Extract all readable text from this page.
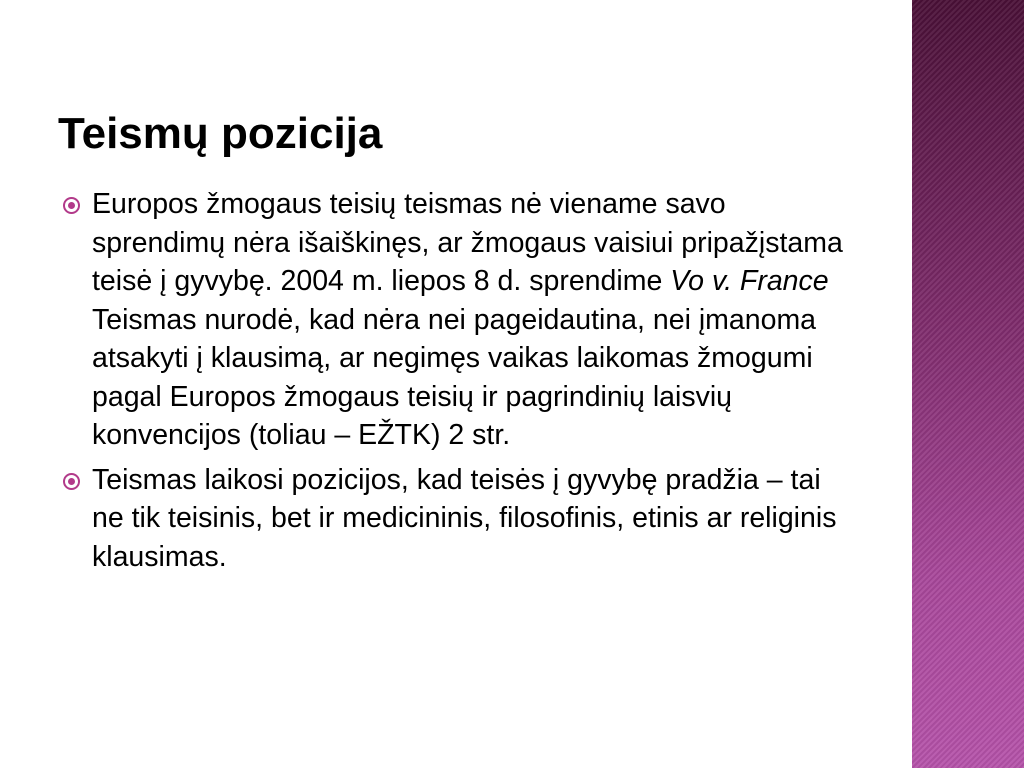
Teismų pozicija
Europos žmogaus teisių teismas nė viename savo sprendimų nėra išaiškinęs, ar žmogaus vaisiui pripažįstama teisė į gyvybę. 2004 m. liepos 8 d. sprendime Vo v. France Teismas nurodė, kad nėra nei pageidautina, nei įmanoma atsakyti į klausimą, ar negimęs vaikas laikomas žmogumi pagal Europos žmogaus teisių ir pagrindinių laisvių konvencijos (toliau – EŽTK) 2 str.
Teismas laikosi pozicijos, kad teisės į gyvybę pradžia – tai ne tik teisinis, bet ir medicininis, filosofinis, etinis ar religinis klausimas.
